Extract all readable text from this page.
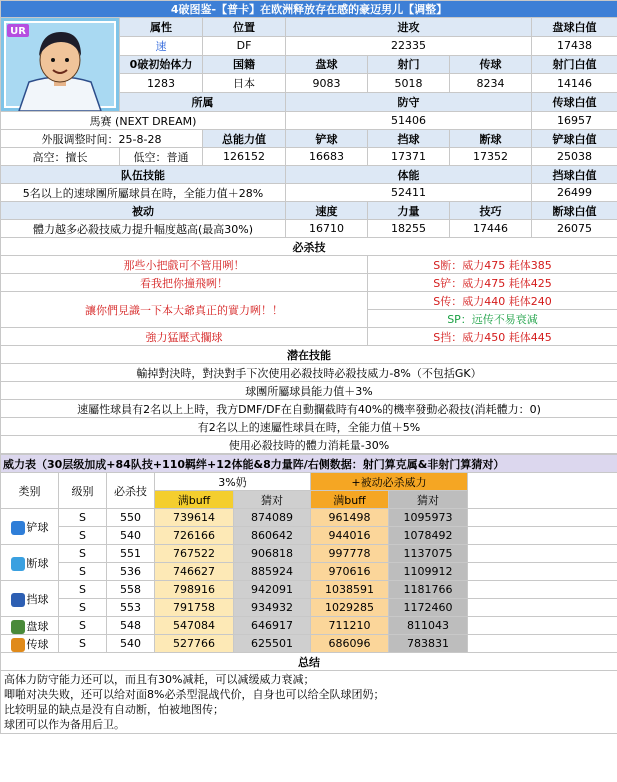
4破图鉴-【普卡】在欧洲释放存在感的豪迈男儿【调整】						

UR	属性	位置	进攻			盘球白值
	速	DF	22335			17438
	0破初始体力	国籍	盘球	射门	传球	射门白值
	1283	日本	9083	5018	8234	14146
	所属		防守			传球白值
馬赛 (NEXT DREAM)			51406			16957
外服调整时间：25-8-28		总能力值	铲球	挡球	断球	铲球白值
高空：擅长	低空：普通	126152	16683	17371	17352	25038
队伍技能			体能			挡球白值
5名以上的速球團所屬球員在時，全能力值＋28%			52411			26499
被动			速度	力量	技巧	断球白值
體力越多必殺技威力提升幅度越高(最高30%)			16710	18255	17446	26075
必杀技						
那些小把戲可不管用咧！				S断：威力475 耗体385		
看我把你撞飛咧！				S铲：威力475 耗体425		
讓你們見識一下本大爺真正的實力咧！！				S传：威力440 耗体240		
				SP：远传不易衰减		
強力猛壓式攔球				S挡：威力450 耗体445		
潜在技能						
輸掉對決時，對決對手下次使用必殺技時必殺技威力-8%（不包括GK）						
球團所屬球員能力值＋3%						
速屬性球員有2名以上上時，我方DMF/DF在自動攔截時有40%的機率發動必殺技(消耗體力：0)						
有2名以上的速屬性球員在時，全能力值＋5%						
使用必殺技時的體力消耗量-30%						
威力表（30层级加成+84队技+110羁绊+12体能&8力量阵/右侧数据：射门算克属&非射门算猜对）							
类别	级别	必杀技	3%奶		+被动必杀威力		
			满buff	猜对	满buff	猜对	
铲球	S	550	739614	874089	961498	1095973	
	S	540	726166	860642	944016	1078492	
断球	S	551	767522	906818	997778	1137075	
	S	536	746627	885924	970616	1109912	
挡球	S	558	798916	942091	1038591	1181766	
	S	553	791758	934932	1029285	1172460	
盘球	S	548	547084	646917	711210	811043	
传球	S	540	527766	625501	686096	783831	
总结							

高体力防守能力还可以，而且有30%减耗，可以减缓威力衰减；
唧啪对决失败，还可以给对面8%必杀型混战代价，自身也可以给全队球团奶；
比较明显的缺点是没有自动断，怕被地图传；
球团可以作为备用后卫。							
